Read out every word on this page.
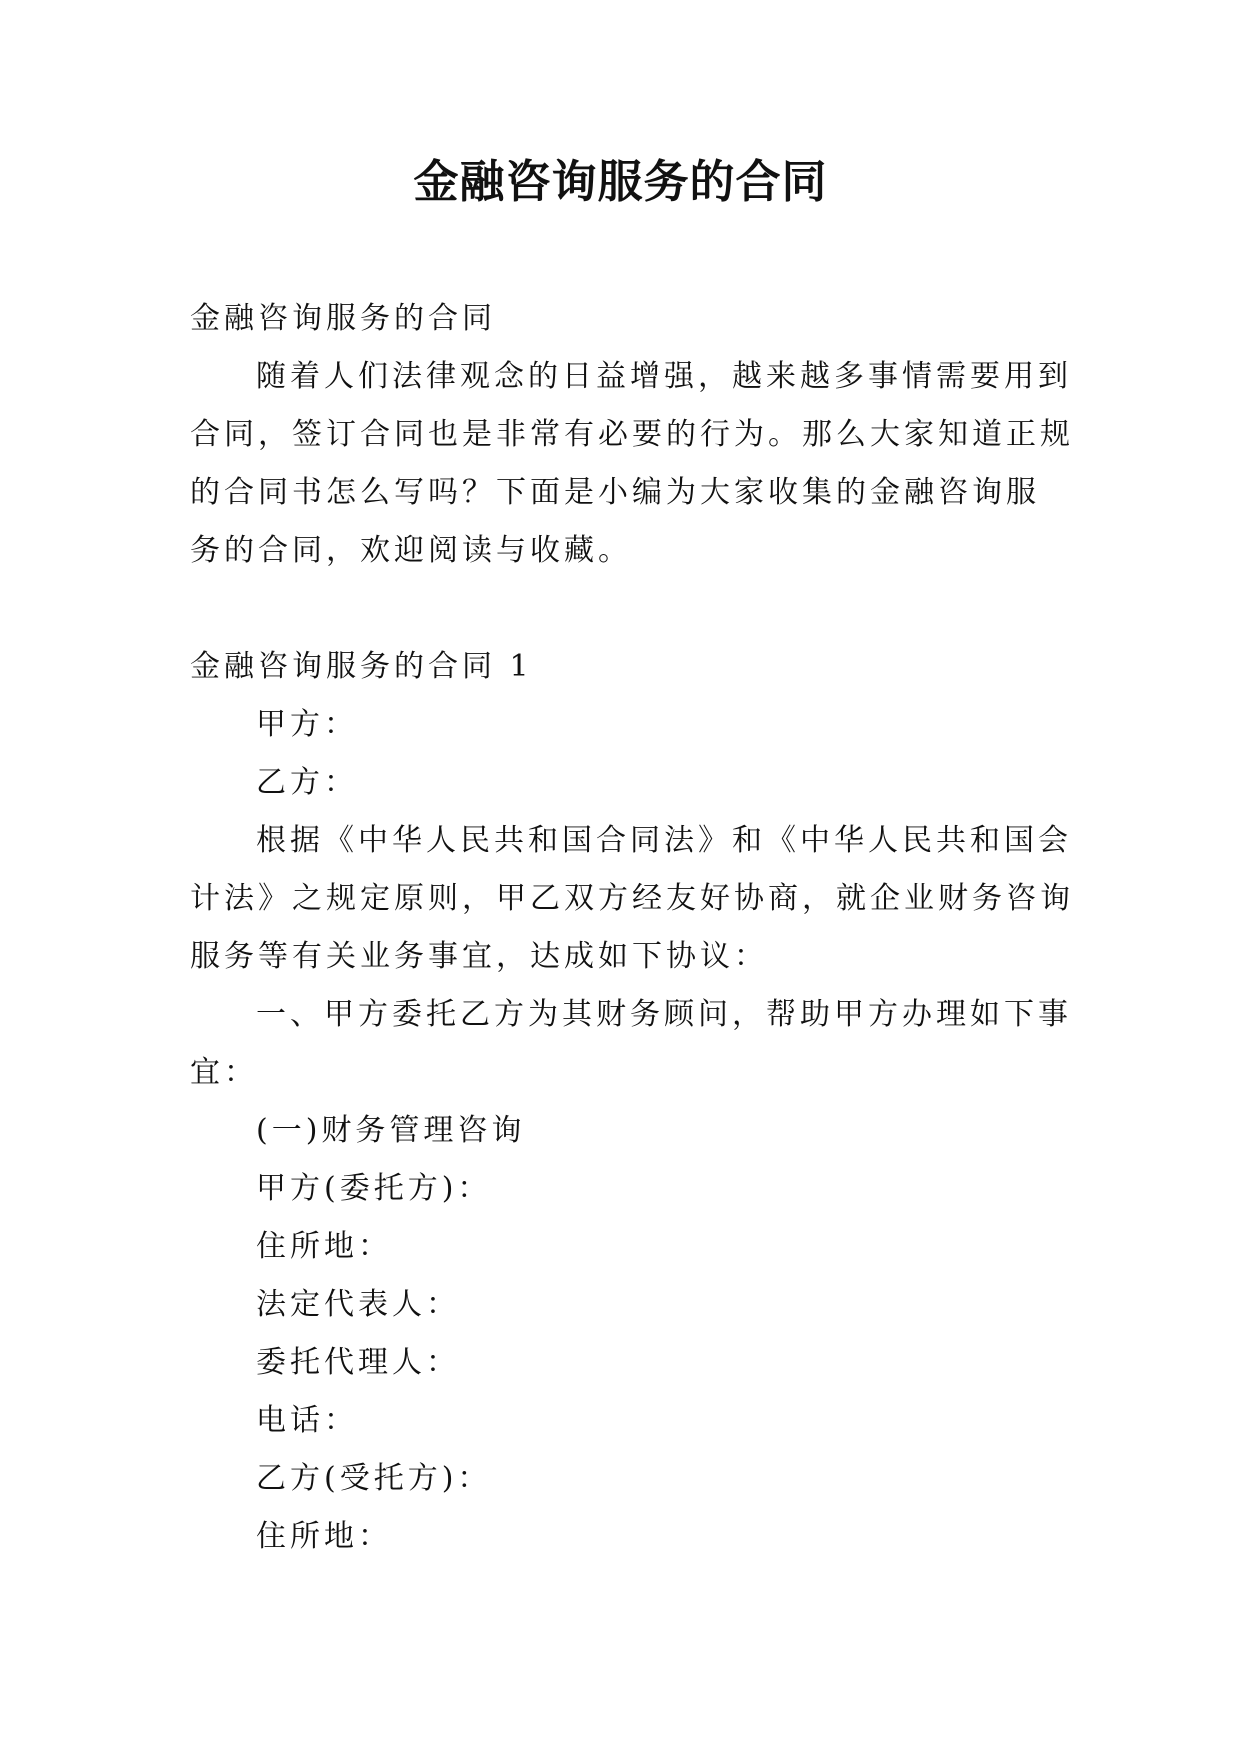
金融咨询服务的合同
金融咨询服务的合同
随着人们法律观念的日益增强，越来越多事情需要用到
合同，签订合同也是非常有必要的行为。那么大家知道正规
的合同书怎么写吗？下面是小编为大家收集的金融咨询服
务的合同，欢迎阅读与收藏。
金融咨询服务的合同 1
甲方：
乙方：
根据《中华人民共和国合同法》和《中华人民共和国会
计法》之规定原则，甲乙双方经友好协商，就企业财务咨询
服务等有关业务事宜，达成如下协议：
一、甲方委托乙方为其财务顾问，帮助甲方办理如下事
宜：
(一)财务管理咨询
甲方(委托方)：
住所地：
法定代表人：
委托代理人：
电话：
乙方(受托方)：
住所地：
